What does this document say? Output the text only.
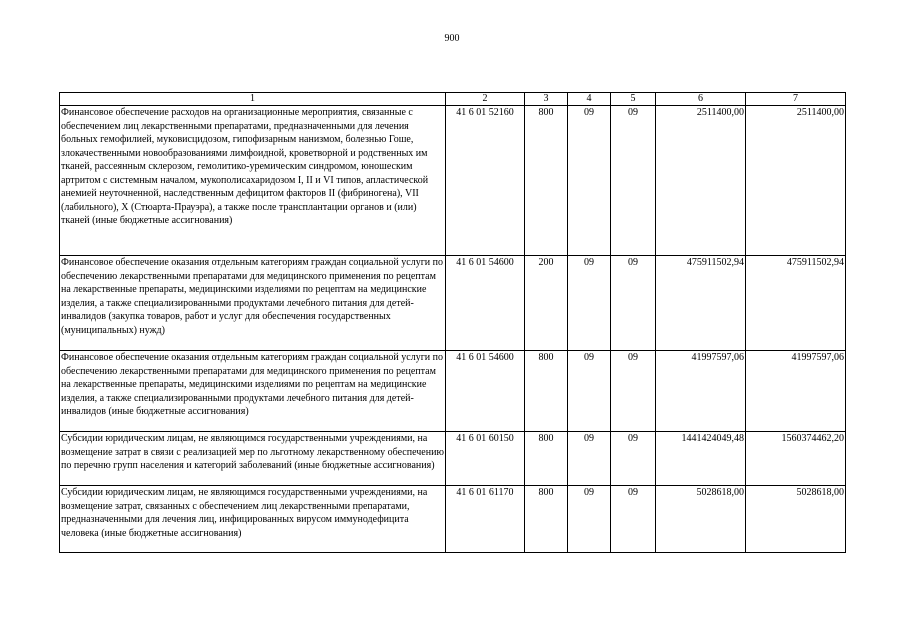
900
1	2	3	4	5	6	7
Финансовое обеспечение расходов на организационные мероприятия, связанные с обеспечением лиц лекарственными препаратами, предназначенными для лечения больных гемофилией, муковисцидозом, гипофизарным нанизмом, болезнью Гоше, злокачественными новообразованиями лимфоидной, кроветворной и родственных им тканей, рассеянным склерозом, гемолитико-уремическим синдромом, юношеским артритом с системным началом, мукополисахаридозом I, II и VI типов, апластической анемией неуточненной, наследственным дефицитом факторов II (фибриногена), VII (лабильного), X (Стюарта-Прауэра), а также после трансплантации органов и (или) тканей (иные бюджетные ассигнования)	41 6 01 52160	800	09	09	2511400,00	2511400,00
Финансовое обеспечение оказания отдельным категориям граждан социальной услуги по обеспечению лекарственными препаратами для медицинского применения по рецептам на лекарственные препараты, медицинскими изделиями по рецептам на медицинские изделия, а также специализированными продуктами лечебного питания для детей-инвалидов (закупка товаров, работ и услуг для обеспечения государственных (муниципальных) нужд)	41 6 01 54600	200	09	09	475911502,94	475911502,94
Финансовое обеспечение оказания отдельным категориям граждан социальной услуги по обеспечению лекарственными препаратами для медицинского применения по рецептам на лекарственные препараты, медицинскими изделиями по рецептам на медицинские изделия, а также специализированными продуктами лечебного питания для детей-инвалидов (иные бюджетные ассигнования)	41 6 01 54600	800	09	09	41997597,06	41997597,06
Субсидии юридическим лицам, не являющимся государственными учреждениями, на возмещение затрат в связи с реализацией мер по льготному лекарственному обеспечению по перечню групп населения и категорий заболеваний (иные бюджетные ассигнования)	41 6 01 60150	800	09	09	1441424049,48	1560374462,20
Субсидии юридическим лицам, не являющимся государственными учреждениями, на возмещение затрат, связанных с обеспечением лиц лекарственными препаратами, предназначенными для лечения лиц, инфицированных вирусом иммунодефицита человека (иные бюджетные ассигнования)	41 6 01 61170	800	09	09	5028618,00	5028618,00
